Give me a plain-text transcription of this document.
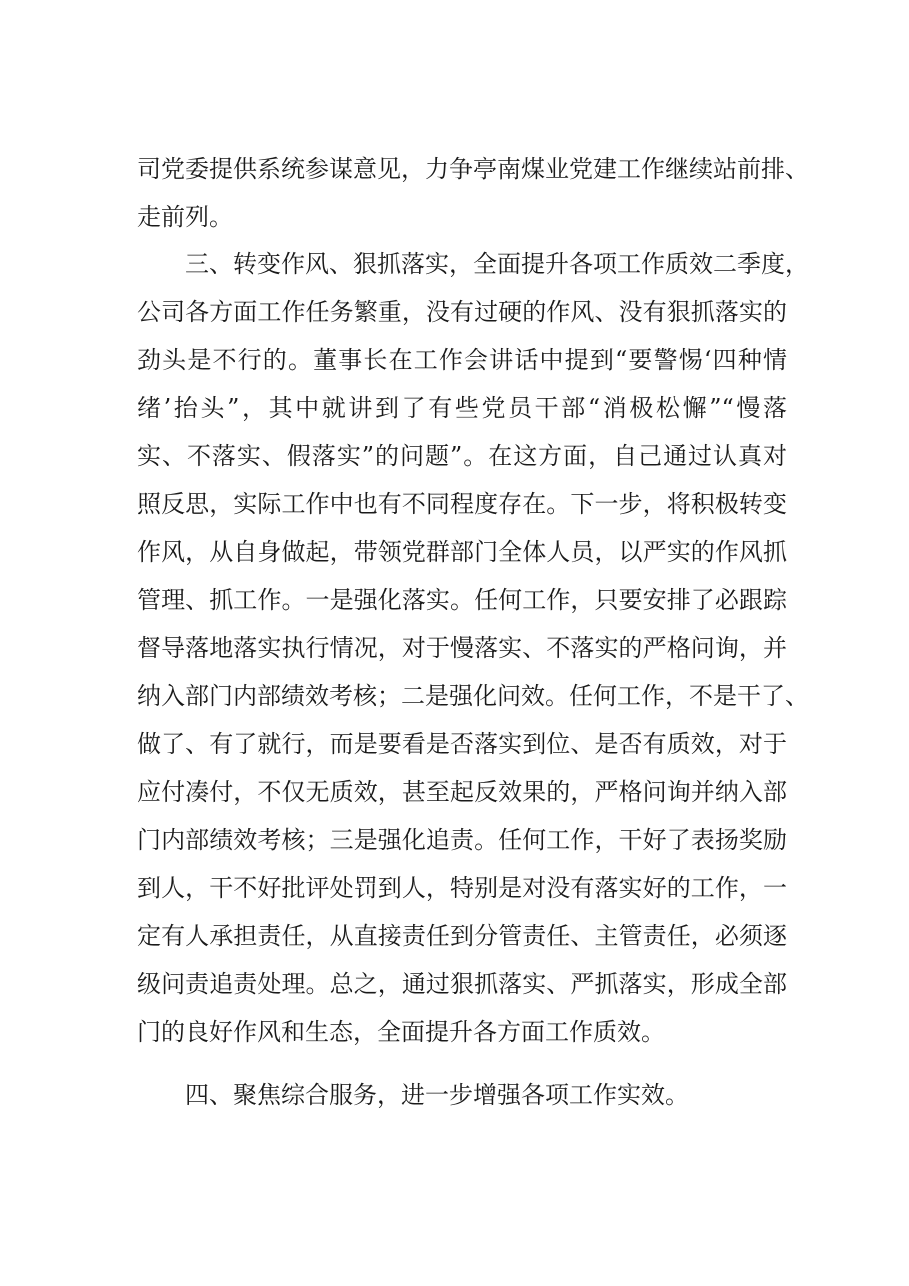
司党委提供系统参谋意见，力争亭南煤业党建工作继续站前排、
走前列。
三、转变作风、狠抓落实，全面提升各项工作质效二季度，
公司各方面工作任务繁重，没有过硬的作风、没有狠抓落实的
劲头是不行的。董事长在工作会讲话中提到“要警惕‘四种情
绪’抬头”，其中就讲到了有些党员干部“消极松懈”“慢落
实、不落实、假落实”的问题”。在这方面，自己通过认真对
照反思，实际工作中也有不同程度存在。下一步，将积极转变
作风，从自身做起，带领党群部门全体人员，以严实的作风抓
管理、抓工作。一是强化落实。任何工作，只要安排了必跟踪
督导落地落实执行情况，对于慢落实、不落实的严格问询，并
纳入部门内部绩效考核；二是强化问效。任何工作，不是干了、
做了、有了就行，而是要看是否落实到位、是否有质效，对于
应付凑付，不仅无质效，甚至起反效果的，严格问询并纳入部
门内部绩效考核；三是强化追责。任何工作，干好了表扬奖励
到人，干不好批评处罚到人，特别是对没有落实好的工作，一
定有人承担责任，从直接责任到分管责任、主管责任，必须逐
级问责追责处理。总之，通过狠抓落实、严抓落实，形成全部
门的良好作风和生态，全面提升各方面工作质效。
四、聚焦综合服务，进一步增强各项工作实效。
